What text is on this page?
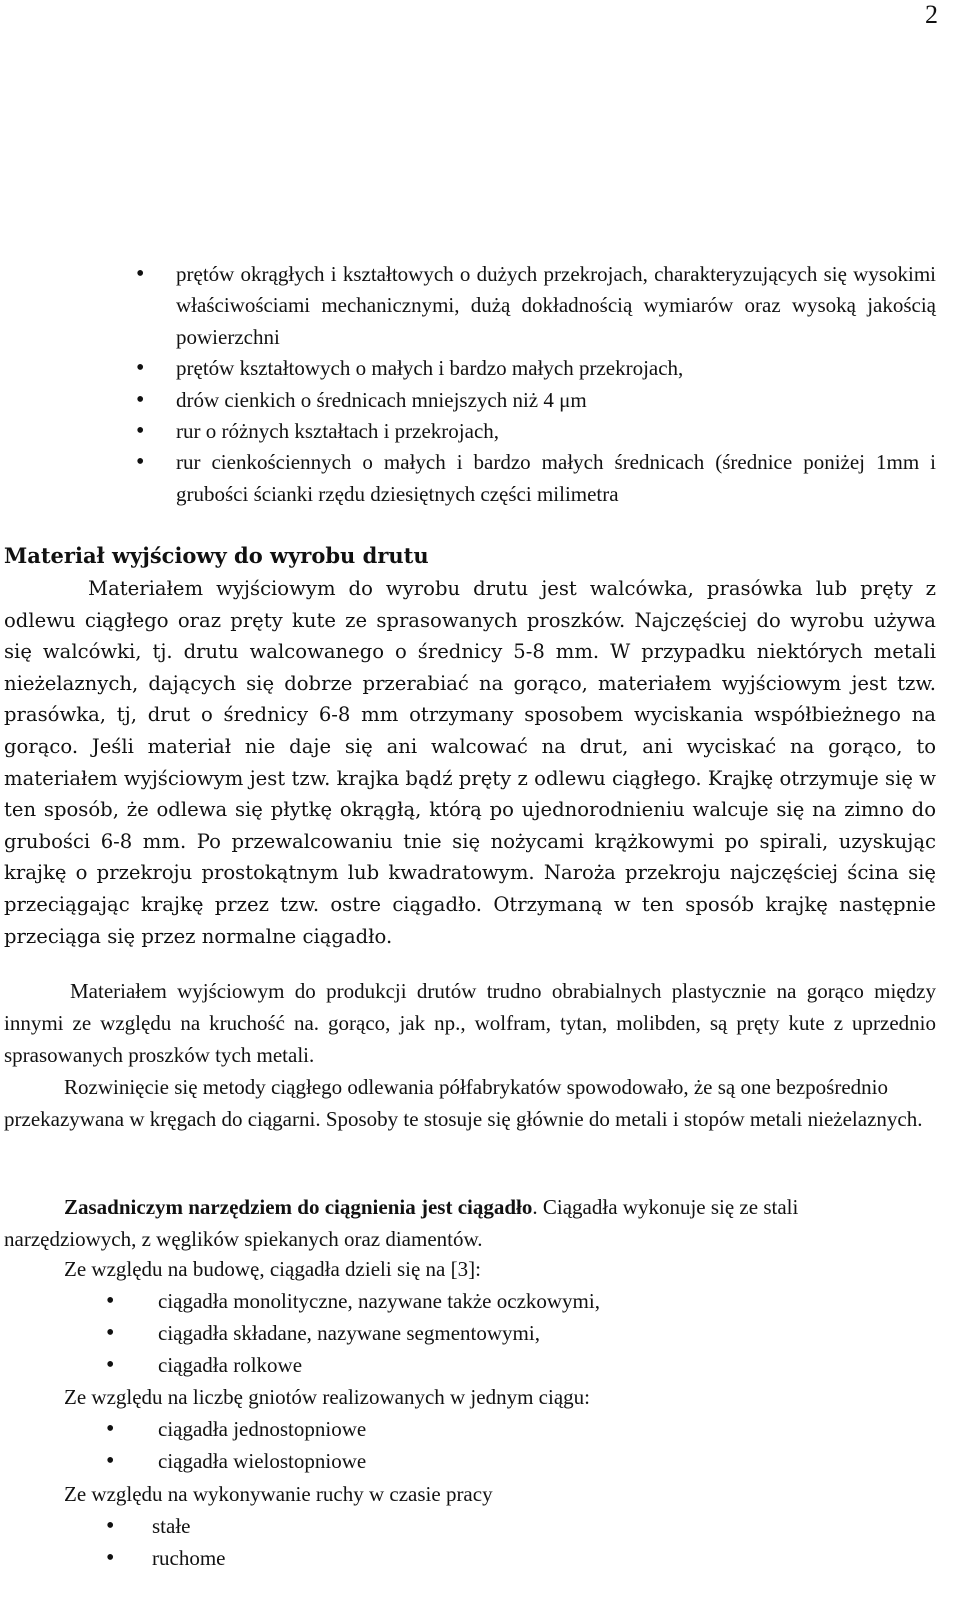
2
• prętów okrągłych i kształtowych o dużych przekrojach, charakteryzujących się wysokimi właściwościami mechanicznymi, dużą dokładnością wymiarów oraz wysoką jakością powierzchni
• prętów kształtowych o małych i bardzo małych przekrojach,
• drów cienkich o średnicach mniejszych niż 4 μm
• rur o różnych kształtach i przekrojach,
• rur cienkościennych o małych i bardzo małych średnicach (średnice poniżej 1mm i grubości ścianki rzędu dziesiętnych części milimetra
Materiał wyjściowy do wyrobu drutu

Materiałem wyjściowym do wyrobu drutu jest walcówka, prasówka lub pręty z odlewu ciągłego oraz pręty kute ze sprasowanych proszków. Najczęściej do wyrobu używa się walcówki, tj. drutu walcowanego o średnicy 5-8 mm. W przypadku niektórych metali nieżelaznych, dających się dobrze przerabiać na gorąco, materiałem wyjściowym jest tzw. prasówka, tj, drut o średnicy 6-8 mm otrzymany sposobem wyciskania współbieżnego na gorąco. Jeśli materiał nie daje się ani walcować na drut, ani wyciskać na gorąco, to materiałem wyjściowym jest tzw. krajka bądź pręty z odlewu ciągłego. Krajkę otrzymuje się w ten sposób, że odlewa się płytkę okrągłą, którą po ujednorodnieniu walcuje się na zimno do grubości 6-8 mm. Po przewalcowaniu tnie się nożycami krążkowymi po spirali, uzyskując krajkę o przekroju prostokątnym lub kwadratowym. Naroża przekroju najczęściej ścina się przeciągając krajkę przez tzw. ostre ciągadło. Otrzymaną w ten sposób krajkę następnie przeciąga się przez normalne ciągadło.

Materiałem wyjściowym do produkcji drutów trudno obrabialnych plastycznie na gorąco między innymi ze względu na kruchość na. gorąco, jak np., wolfram, tytan, molibden, są pręty kute z uprzednio sprasowanych proszków tych metali.

Rozwinięcie się metody ciągłego odlewania półfabrykatów spowodowało, że są one bezpośrednio przekazywana w kręgach do ciągarni. Sposoby te stosuje się głównie do metali i stopów metali nieżelaznych.

Zasadniczym narzędziem do ciągnienia jest ciągadło. Ciągadła wykonuje się ze stali narzędziowych, z węglików spiekanych oraz diamentów.

Ze względu na budowę, ciągadła dzieli się na [3]:

• ciągadła monolityczne, nazywane także oczkowymi,
• ciągadła składane, nazywane segmentowymi,
• ciągadła rolkowe

Ze względu na liczbę gniotów realizowanych w jednym ciągu:

• ciągadła jednostopniowe
• ciągadła wielostopniowe

Ze względu na wykonywanie ruchy w czasie pracy

• stałe
• ruchome
